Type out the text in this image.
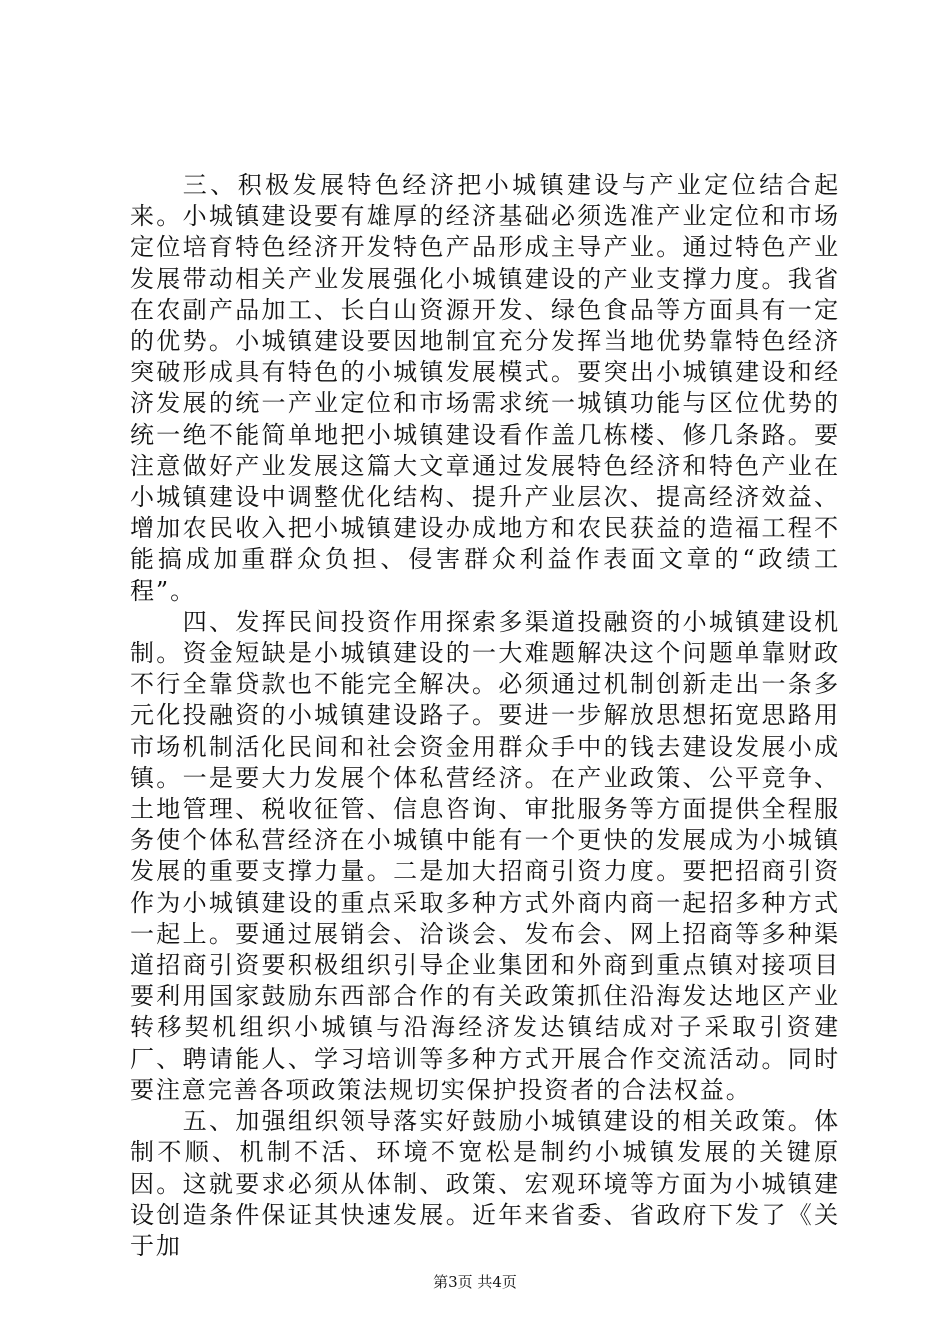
三、积极发展特色经济把小城镇建设与产业定位结合起来。小城镇建设要有雄厚的经济基础必须选准产业定位和市场定位培育特色经济开发特色产品形成主导产业。通过特色产业发展带动相关产业发展强化小城镇建设的产业支撑力度。我省在农副产品加工、长白山资源开发、绿色食品等方面具有一定的优势。小城镇建设要因地制宜充分发挥当地优势靠特色经济突破形成具有特色的小城镇发展模式。要突出小城镇建设和经济发展的统一产业定位和市场需求统一城镇功能与区位优势的统一绝不能简单地把小城镇建设看作盖几栋楼、修几条路。要注意做好产业发展这篇大文章通过发展特色经济和特色产业在小城镇建设中调整优化结构、提升产业层次、提高经济效益、增加农民收入把小城镇建设办成地方和农民获益的造福工程不能搞成加重群众负担、侵害群众利益作表面文章的“政绩工程”。

四、发挥民间投资作用探索多渠道投融资的小城镇建设机制。资金短缺是小城镇建设的一大难题解决这个问题单靠财政不行全靠贷款也不能完全解决。必须通过机制创新走出一条多元化投融资的小城镇建设路子。要进一步解放思想拓宽思路用市场机制活化民间和社会资金用群众手中的钱去建设发展小成镇。一是要大力发展个体私营经济。在产业政策、公平竞争、土地管理、税收征管、信息咨询、审批服务等方面提供全程服务使个体私营经济在小城镇中能有一个更快的发展成为小城镇发展的重要支撑力量。二是加大招商引资力度。要把招商引资作为小城镇建设的重点采取多种方式外商内商一起招多种方式一起上。要通过展销会、洽谈会、发布会、网上招商等多种渠道招商引资要积极组织引导企业集团和外商到重点镇对接项目要利用国家鼓励东西部合作的有关政策抓住沿海发达地区产业转移契机组织小城镇与沿海经济发达镇结成对子采取引资建厂、聘请能人、学习培训等多种方式开展合作交流活动。同时要注意完善各项政策法规切实保护投资者的合法权益。

五、加强组织领导落实好鼓励小城镇建设的相关政策。体制不顺、机制不活、环境不宽松是制约小城镇发展的关键原因。这就要求必须从体制、政策、宏观环境等方面为小城镇建设创造条件保证其快速发展。近年来省委、省政府下发了《关于加

第3页 共4页
